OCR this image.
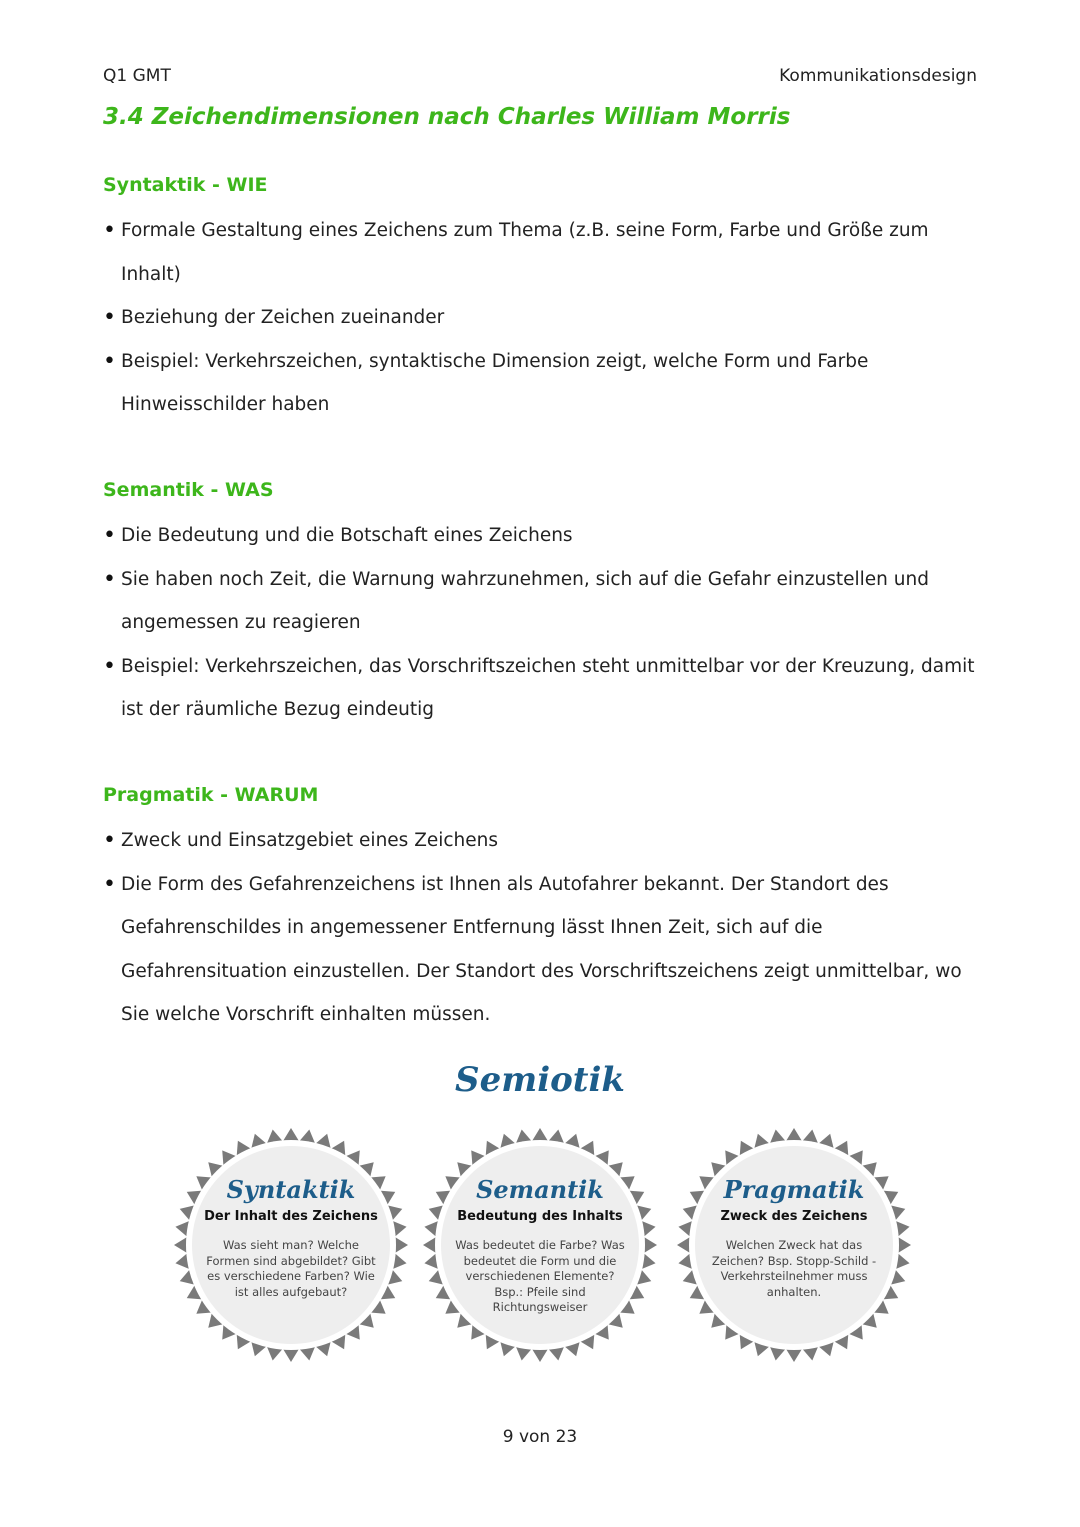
Q1 GMT	Kommunikationsdesign
3.4 Zeichendimensionen nach Charles William Morris
Syntaktik - WIE
• Formale Gestaltung eines Zeichens zum Thema (z.B. seine Form, Farbe und Größe zum Inhalt)
• Beziehung der Zeichen zueinander
• Beispiel: Verkehrszeichen, syntaktische Dimension zeigt, welche Form und Farbe Hinweisschilder haben
Semantik - WAS
• Die Bedeutung und die Botschaft eines Zeichens
• Sie haben noch Zeit, die Warnung wahrzunehmen, sich auf die Gefahr einzustellen und angemessen zu reagieren
• Beispiel: Verkehrszeichen, das Vorschriftszeichen steht unmittelbar vor der Kreuzung, damit ist der räumliche Bezug eindeutig
Pragmatik - WARUM
• Zweck und Einsatzgebiet eines Zeichens
• Die Form des Gefahrenzeichens ist Ihnen als Autofahrer bekannt. Der Standort des Gefahrenschildes in angemessener Entfernung lässt Ihnen Zeit, sich auf die Gefahrensituation einzustellen. Der Standort des Vorschriftszeichens zeigt unmittelbar, wo Sie welche Vorschrift einhalten müssen.
Semiotik
Syntaktik
Der Inhalt des Zeichens
Was sieht man? Welche Formen sind abgebildet? Gibt es verschiedene Farben? Wie ist alles aufgebaut?
Semantik
Bedeutung des Inhalts
Was bedeutet die Farbe? Was bedeutet die Form und die verschiedenen Elemente? Bsp.: Pfeile sind Richtungsweiser
Pragmatik
Zweck des Zeichens
Welchen Zweck hat das Zeichen? Bsp. Stopp-Schild - Verkehrsteilnehmer muss anhalten.
9 von 23
